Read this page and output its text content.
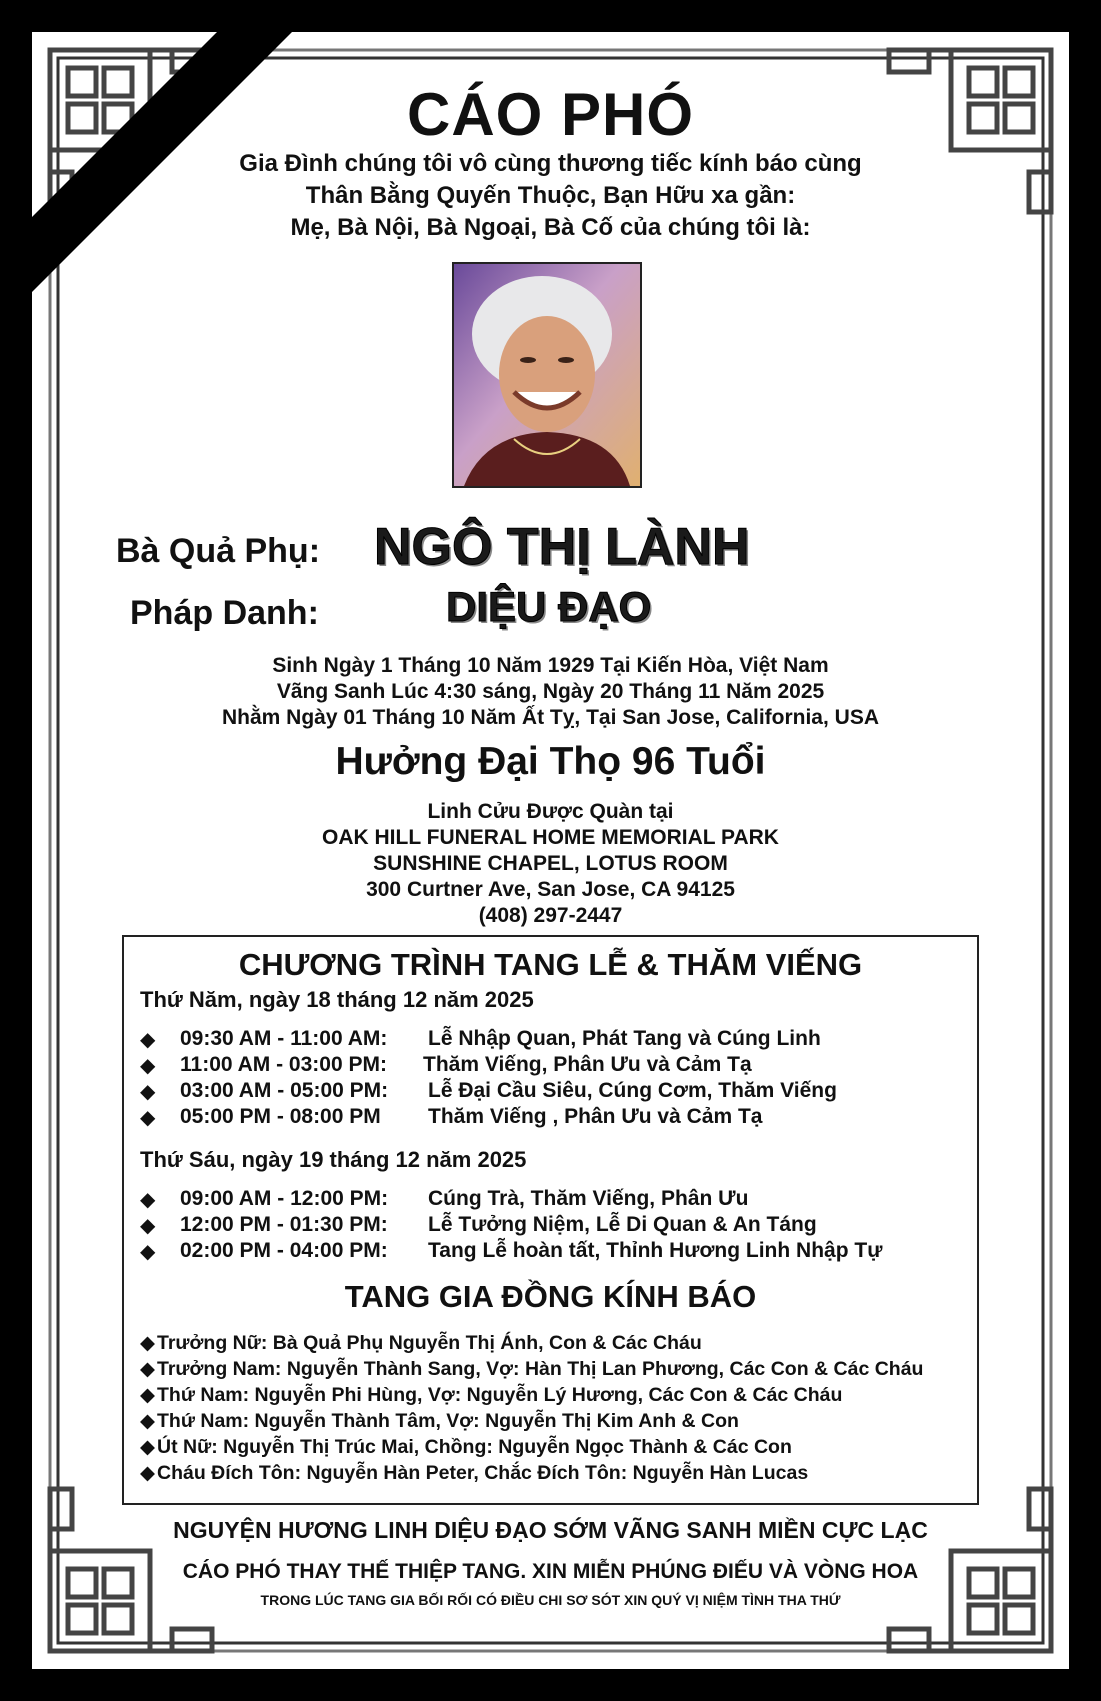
CÁO PHÓ
Gia Đình chúng tôi vô cùng thương tiếc kính báo cùng
Thân Bằng Quyến Thuộc, Bạn Hữu xa gần:
Mẹ, Bà Nội, Bà Ngoại, Bà Cố của chúng tôi là:
Bà Quả Phụ: NGÔ THỊ LÀNH
Pháp Danh:	DIỆU ĐẠO
Sinh Ngày 1 Tháng 10 Năm 1929 Tại Kiến Hòa, Việt Nam
Vãng Sanh Lúc 4:30 sáng, Ngày 20 Tháng 11 Năm 2025
Nhằm Ngày 01 Tháng 10 Năm Ất Tỵ, Tại San Jose, California, USA
Hưởng Đại Thọ 96 Tuổi
Linh Cửu Được Quàn tại
OAK HILL FUNERAL HOME MEMORIAL PARK
SUNSHINE CHAPEL, LOTUS ROOM
300 Curtner Ave, San Jose, CA 94125
(408) 297-2447
CHƯƠNG TRÌNH TANG LỄ & THĂM VIẾNG
Thứ Năm, ngày 18 tháng 12 năm 2025
◆ 09:30 AM - 11:00 AM: Lễ Nhập Quan, Phát Tang và Cúng Linh
◆ 11:00 AM - 03:00 PM: Thăm Viếng, Phân Ưu và Cảm Tạ
◆ 03:00 AM - 05:00 PM: Lễ Đại Cầu Siêu, Cúng Cơm, Thăm Viếng
◆ 05:00 PM - 08:00 PM Thăm Viếng , Phân Ưu và Cảm Tạ
Thứ Sáu, ngày 19 tháng 12 năm 2025
◆ 09:00 AM - 12:00 PM: Cúng Trà, Thăm Viếng, Phân Ưu
◆ 12:00 PM - 01:30 PM: Lễ Tưởng Niệm, Lễ Di Quan & An Táng
◆ 02:00 PM - 04:00 PM: Tang Lễ hoàn tất, Thỉnh Hương Linh Nhập Tự
TANG GIA ĐỒNG KÍNH BÁO
◆ Trưởng Nữ: Bà Quả Phụ Nguyễn Thị Ánh, Con & Các Cháu
◆ Trưởng Nam: Nguyễn Thành Sang, Vợ: Hàn Thị Lan Phương, Các Con & Các Cháu
◆ Thứ Nam: Nguyễn Phi Hùng, Vợ: Nguyễn Lý Hương, Các Con & Các Cháu
◆ Thứ Nam: Nguyễn Thành Tâm, Vợ: Nguyễn Thị Kim Anh & Con
◆ Út Nữ: Nguyễn Thị Trúc Mai, Chồng: Nguyễn Ngọc Thành & Các Con
◆ Cháu Đích Tôn: Nguyễn Hàn Peter, Chắc Đích Tôn: Nguyễn Hàn Lucas
NGUYỆN HƯƠNG LINH DIỆU ĐẠO SỚM VÃNG SANH MIỀN CỰC LẠC
CÁO PHÓ THAY THẾ THIỆP TANG. XIN MIỄN PHÚNG ĐIẾU VÀ VÒNG HOA
TRONG LÚC TANG GIA BỐI RỐI CÓ ĐIỀU CHI SƠ SÓT XIN QUÝ VỊ NIỆM TÌNH THA THỨ
